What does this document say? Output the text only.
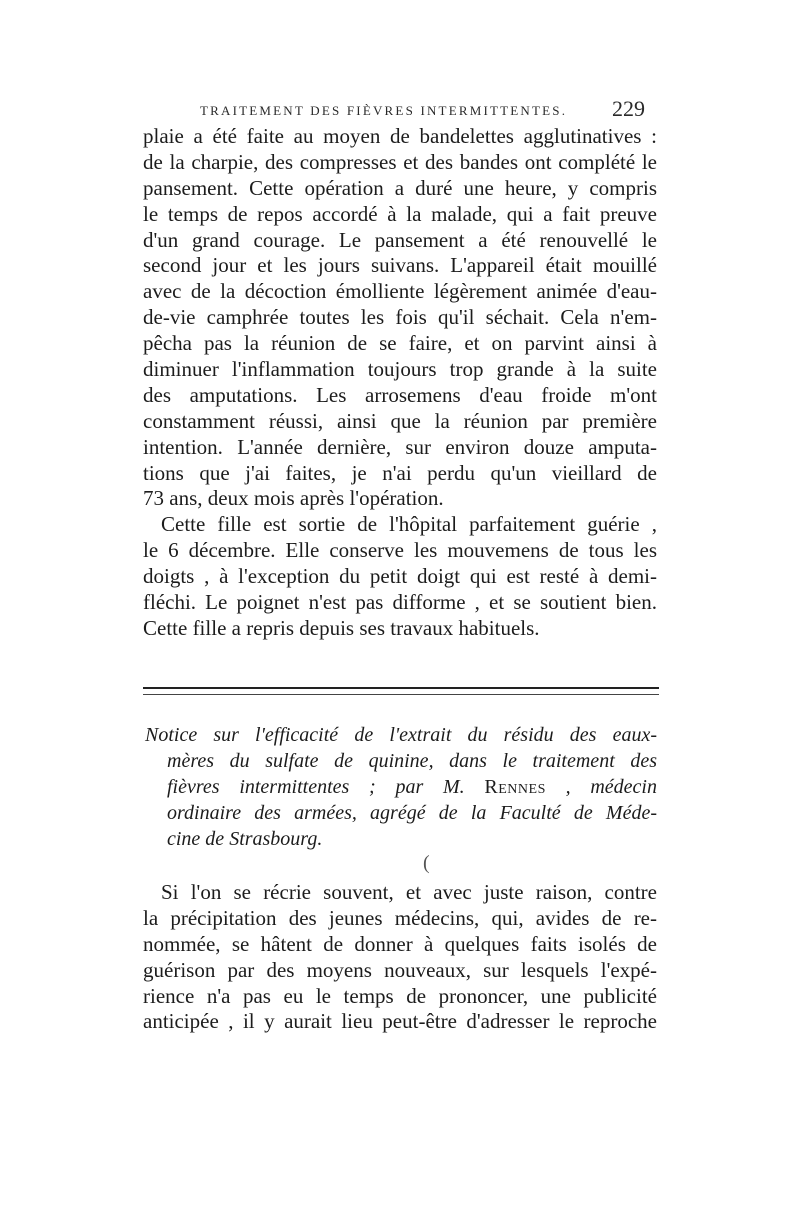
TRAITEMENT DES FIÈVRES INTERMITTENTES. 229
plaie a été faite au moyen de bandelettes agglutinatives :
de la charpie, des compresses et des bandes ont complété le
pansement. Cette opération a duré une heure, y compris
le temps de repos accordé à la malade, qui a fait preuve
d'un grand courage. Le pansement a été renouvellé le
second jour et les jours suivans. L'appareil était mouillé
avec de la décoction émolliente légèrement animée d'eau-
de-vie camphrée toutes les fois qu'il séchait. Cela n'em-
pêcha pas la réunion de se faire, et on parvint ainsi à
diminuer l'inflammation toujours trop grande à la suite
des amputations. Les arrosemens d'eau froide m'ont
constamment réussi, ainsi que la réunion par première
intention. L'année dernière, sur environ douze amputa-
tions que j'ai faites, je n'ai perdu qu'un vieillard de
73 ans, deux mois après l'opération.
Cette fille est sortie de l'hôpital parfaitement guérie ,
le 6 décembre. Elle conserve les mouvemens de tous les
doigts , à l'exception du petit doigt qui est resté à demi-
fléchi. Le poignet n'est pas difforme , et se soutient bien.
Cette fille a repris depuis ses travaux habituels.
Notice sur l'efficacité de l'extrait du résidu des eaux-
mères du sulfate de quinine, dans le traitement des
fièvres intermittentes ; par M. Rennes , médecin
ordinaire des armées, agrégé de la Faculté de Méde-
cine de Strasbourg.
(
Si l'on se récrie souvent, et avec juste raison, contre
la précipitation des jeunes médecins, qui, avides de re-
nommée, se hâtent de donner à quelques faits isolés de
guérison par des moyens nouveaux, sur lesquels l'expé-
rience n'a pas eu le temps de prononcer, une publicité
anticipée , il y aurait lieu peut-être d'adresser le reproche
